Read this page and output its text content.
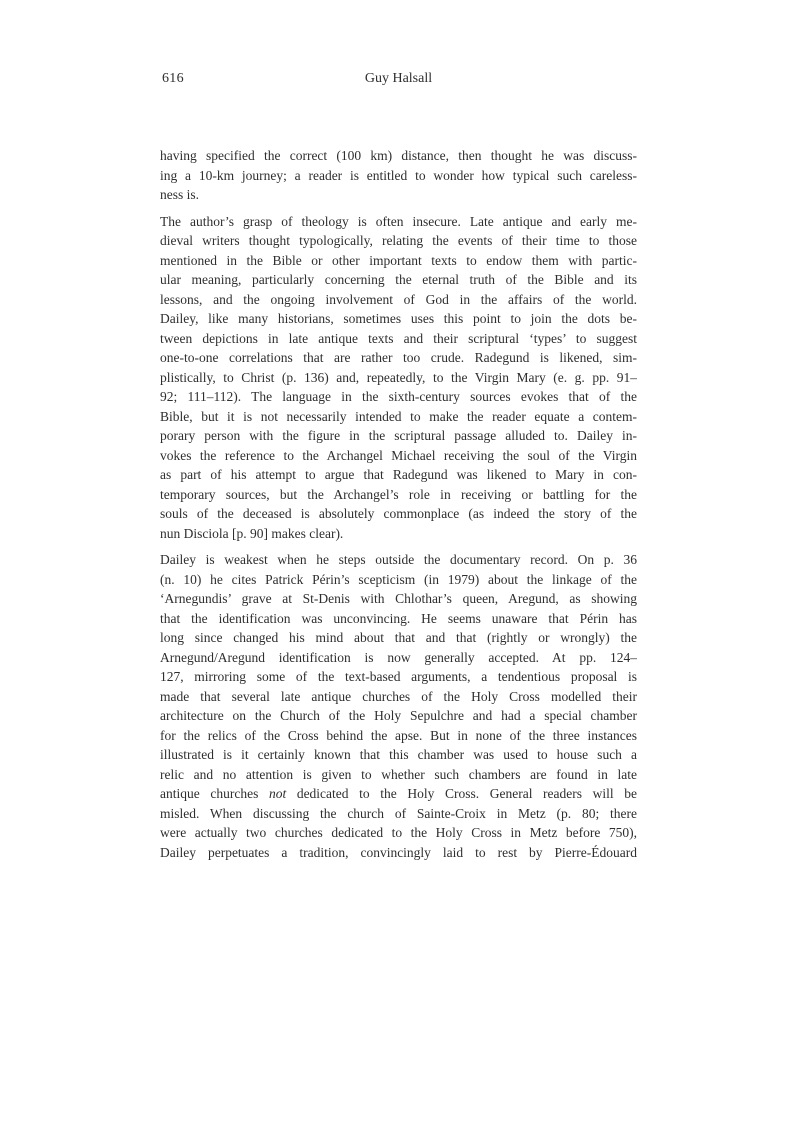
616	Guy Halsall
having specified the correct (100 km) distance, then thought he was discuss-
ing a 10-km journey; a reader is entitled to wonder how typical such careless-
ness is.
The author’s grasp of theology is often insecure. Late antique and early me-
dieval writers thought typologically, relating the events of their time to those
mentioned in the Bible or other important texts to endow them with partic-
ular meaning, particularly concerning the eternal truth of the Bible and its
lessons, and the ongoing involvement of God in the affairs of the world.
Dailey, like many historians, sometimes uses this point to join the dots be-
tween depictions in late antique texts and their scriptural ‘types’ to suggest
one-to-one correlations that are rather too crude. Radegund is likened, sim-
plistically, to Christ (p. 136) and, repeatedly, to the Virgin Mary (e. g. pp. 91–
92; 111–112). The language in the sixth-century sources evokes that of the
Bible, but it is not necessarily intended to make the reader equate a contem-
porary person with the figure in the scriptural passage alluded to. Dailey in-
vokes the reference to the Archangel Michael receiving the soul of the Virgin
as part of his attempt to argue that Radegund was likened to Mary in con-
temporary sources, but the Archangel’s role in receiving or battling for the
souls of the deceased is absolutely commonplace (as indeed the story of the
nun Disciola [p. 90] makes clear).
Dailey is weakest when he steps outside the documentary record. On p. 36
(n. 10) he cites Patrick Périn’s scepticism (in 1979) about the linkage of the
‘Arnegundis’ grave at St-Denis with Chlothar’s queen, Aregund, as showing
that the identification was unconvincing. He seems unaware that Périn has
long since changed his mind about that and that (rightly or wrongly) the
Arnegund/Aregund identification is now generally accepted. At pp. 124–
127, mirroring some of the text-based arguments, a tendentious proposal is
made that several late antique churches of the Holy Cross modelled their
architecture on the Church of the Holy Sepulchre and had a special chamber
for the relics of the Cross behind the apse. But in none of the three instances
illustrated is it certainly known that this chamber was used to house such a
relic and no attention is given to whether such chambers are found in late
antique churches not dedicated to the Holy Cross. General readers will be
misled. When discussing the church of Sainte-Croix in Metz (p. 80; there
were actually two churches dedicated to the Holy Cross in Metz before 750),
Dailey perpetuates a tradition, convincingly laid to rest by Pierre-Édouard
